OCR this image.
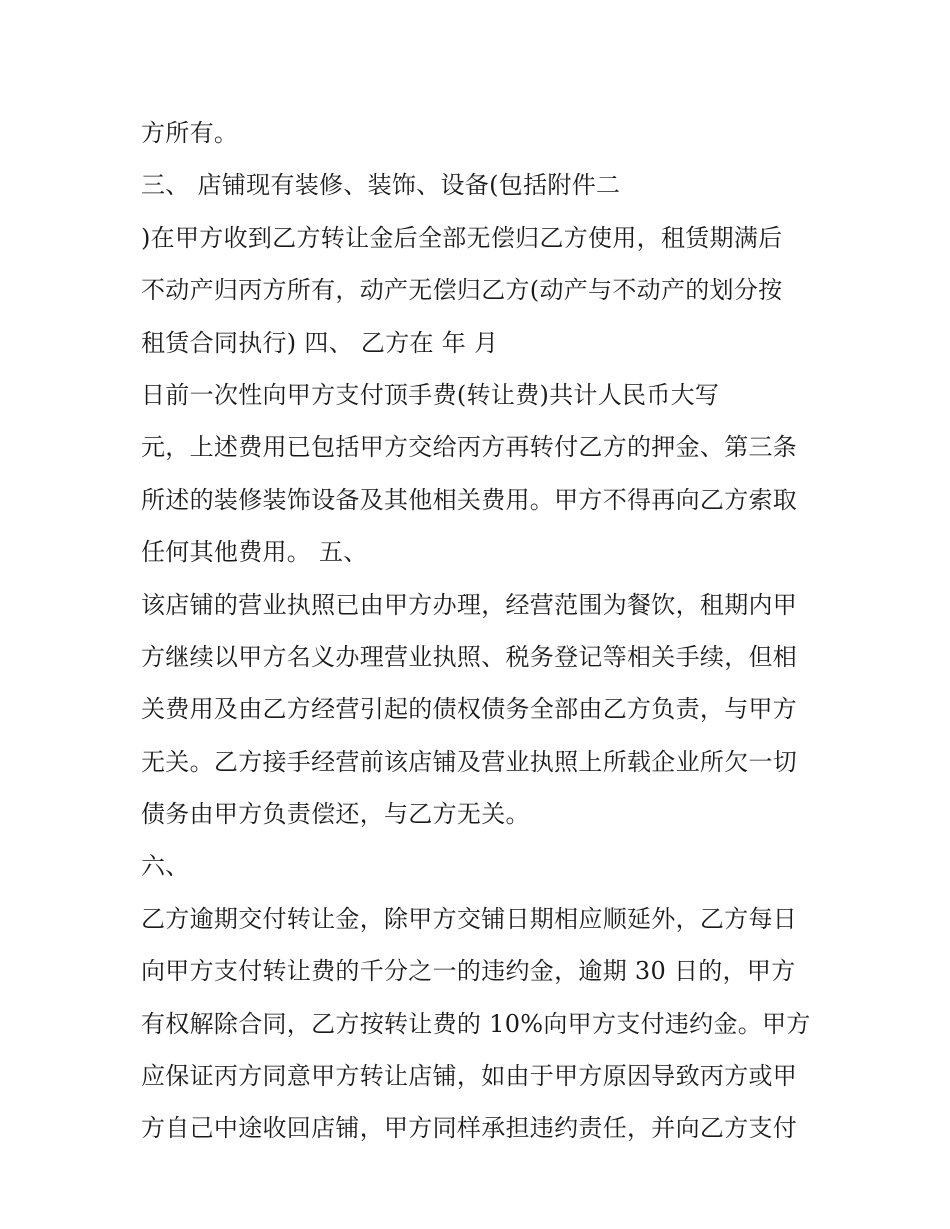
方所有。
三、 店铺现有装修、装饰、设备(包括附件二
)在甲方收到乙方转让金后全部无偿归乙方使用，租赁期满后
不动产归丙方所有，动产无偿归乙方(动产与不动产的划分按
租赁合同执行) 四、 乙方在 年 月
日前一次性向甲方支付顶手费(转让费)共计人民币大写
元，上述费用已包括甲方交给丙方再转付乙方的押金、第三条
所述的装修装饰设备及其他相关费用。甲方不得再向乙方索取
任何其他费用。 五、
该店铺的营业执照已由甲方办理，经营范围为餐饮，租期内甲
方继续以甲方名义办理营业执照、税务登记等相关手续，但相
关费用及由乙方经营引起的债权债务全部由乙方负责，与甲方
无关。乙方接手经营前该店铺及营业执照上所载企业所欠一切
债务由甲方负责偿还，与乙方无关。
六、
乙方逾期交付转让金，除甲方交铺日期相应顺延外，乙方每日
向甲方支付转让费的千分之一的违约金，逾期 30 日的，甲方
有权解除合同，乙方按转让费的 10%向甲方支付违约金。甲方
应保证丙方同意甲方转让店铺，如由于甲方原因导致丙方或甲
方自己中途收回店铺，甲方同样承担违约责任，并向乙方支付
